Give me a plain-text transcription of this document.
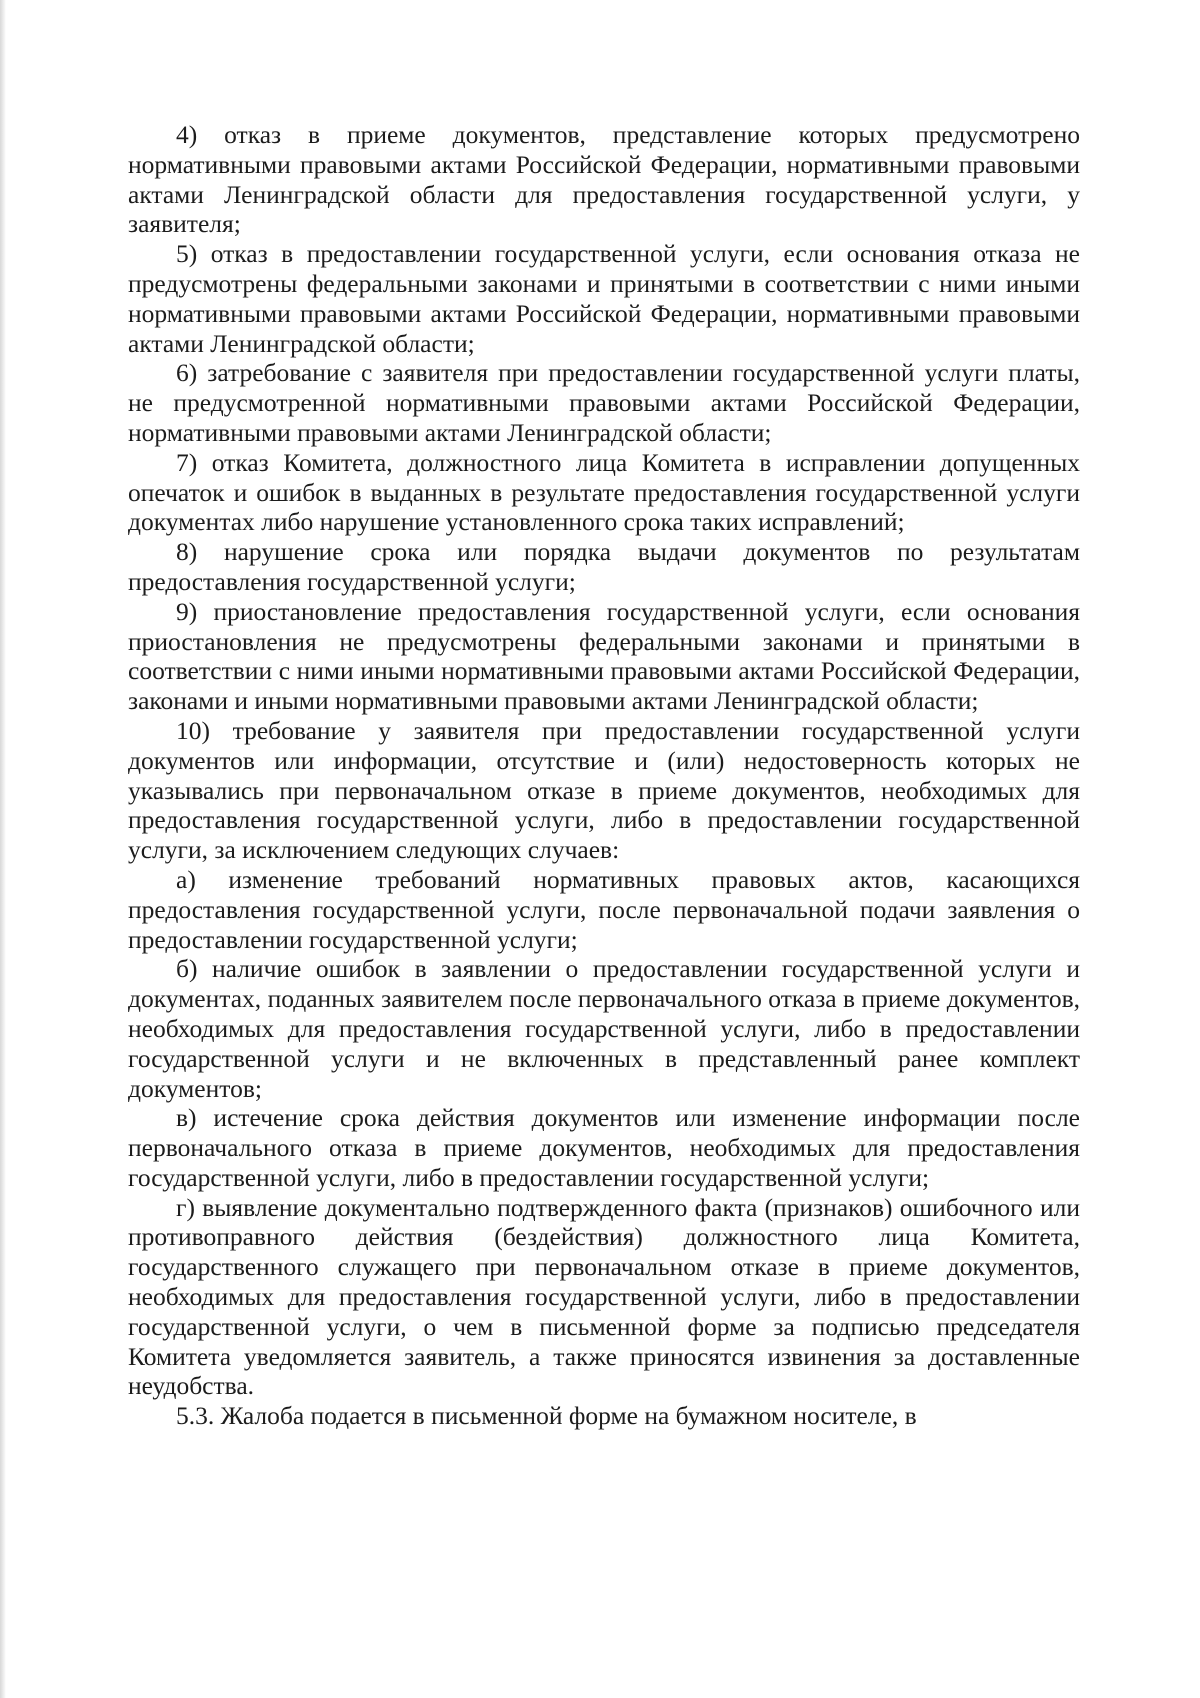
4) отказ в приеме документов, представление которых предусмотрено нормативными правовыми актами Российской Федерации, нормативными правовыми актами Ленинградской области для предоставления государственной услуги, у заявителя;

5) отказ в предоставлении государственной услуги, если основания отказа не предусмотрены федеральными законами и принятыми в соответствии с ними иными нормативными правовыми актами Российской Федерации, нормативными правовыми актами Ленинградской области;

6) затребование с заявителя при предоставлении государственной услуги платы, не предусмотренной нормативными правовыми актами Российской Федерации, нормативными правовыми актами Ленинградской области;

7) отказ Комитета, должностного лица Комитета в исправлении допущенных опечаток и ошибок в выданных в результате предоставления государственной услуги документах либо нарушение установленного срока таких исправлений;

8) нарушение срока или порядка выдачи документов по результатам предоставления государственной услуги;

9) приостановление предоставления государственной услуги, если основания приостановления не предусмотрены федеральными законами и принятыми в соответствии с ними иными нормативными правовыми актами Российской Федерации, законами и иными нормативными правовыми актами Ленинградской области;

10) требование у заявителя при предоставлении государственной услуги документов или информации, отсутствие и (или) недостоверность которых не указывались при первоначальном отказе в приеме документов, необходимых для предоставления государственной услуги, либо в предоставлении государственной услуги, за исключением следующих случаев:

а) изменение требований нормативных правовых актов, касающихся предоставления государственной услуги, после первоначальной подачи заявления о предоставлении государственной услуги;

б) наличие ошибок в заявлении о предоставлении государственной услуги и документах, поданных заявителем после первоначального отказа в приеме документов, необходимых для предоставления государственной услуги, либо в предоставлении государственной услуги и не включенных в представленный ранее комплект документов;

в) истечение срока действия документов или изменение информации после первоначального отказа в приеме документов, необходимых для предоставления государственной услуги, либо в предоставлении государственной услуги;

г) выявление документально подтвержденного факта (признаков) ошибочного или противоправного действия (бездействия) должностного лица Комитета, государственного служащего при первоначальном отказе в приеме документов, необходимых для предоставления государственной услуги, либо в предоставлении государственной услуги, о чем в письменной форме за подписью председателя Комитета уведомляется заявитель, а также приносятся извинения за доставленные неудобства.

5.3. Жалоба подается в письменной форме на бумажном носителе, в
